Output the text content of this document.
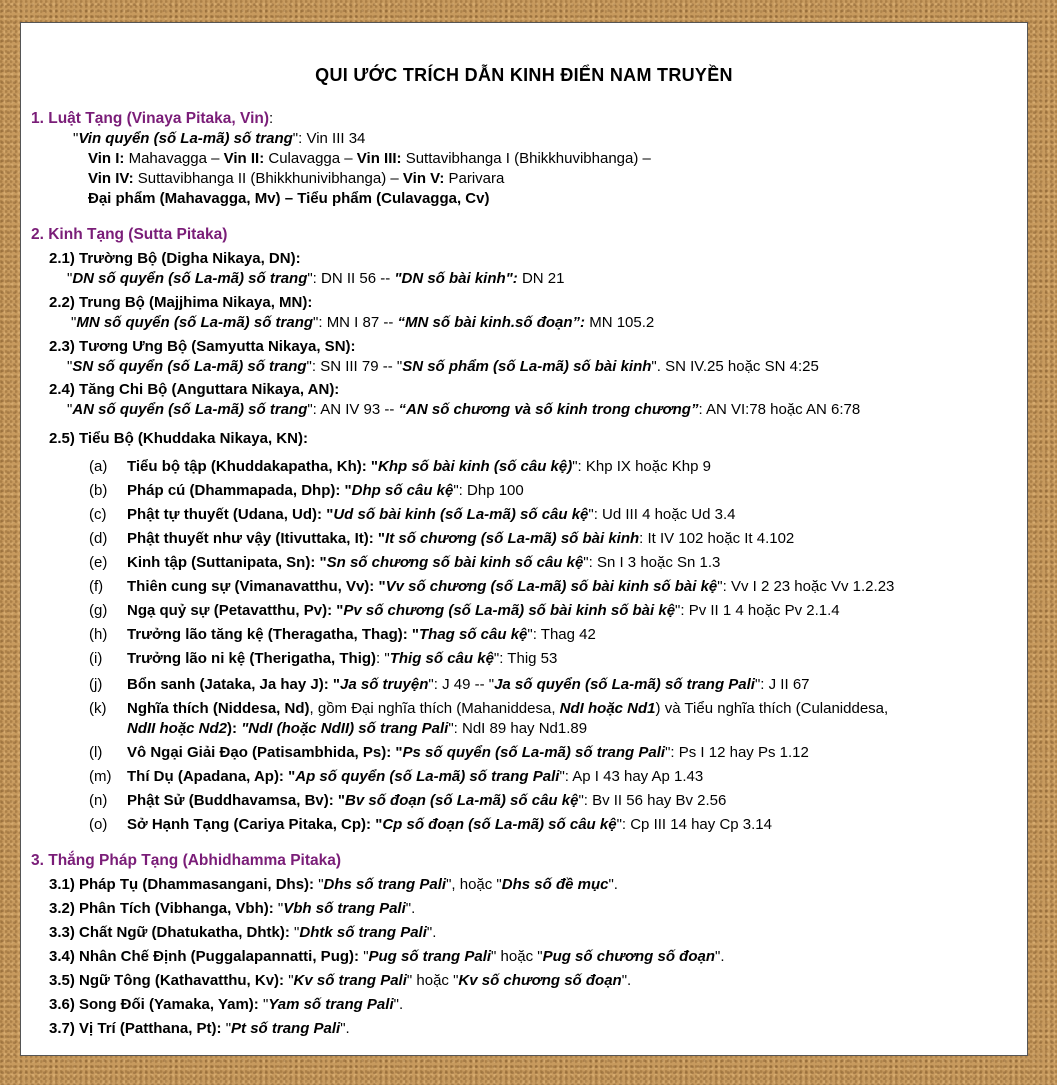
QUI ƯỚC TRÍCH DẪN KINH ĐIỂN NAM TRUYỀN
1. Luật Tạng (Vinaya Pitaka, Vin):
"Vin quyển (số La-mã) số trang": Vin III 34
Vin I: Mahavagga – Vin II: Culavagga – Vin III: Suttavibhanga I (Bhikkhuvibhanga) –
Vin IV: Suttavibhanga II (Bhikkhunivibhanga) – Vin V: Parivara
Đại phẩm (Mahavagga, Mv) – Tiểu phẩm (Culavagga, Cv)
2. Kinh Tạng (Sutta Pitaka)
2.1) Trường Bộ (Digha Nikaya, DN):
"DN số quyển (số La-mã) số trang": DN II 56 -- "DN số bài kinh": DN 21
2.2) Trung Bộ (Majjhima Nikaya, MN):
"MN số quyển (số La-mã) số trang": MN I 87 -- “MN số bài kinh.số đoạn”: MN 105.2
2.3) Tương Ưng Bộ (Samyutta Nikaya, SN):
"SN số quyển (số La-mã) số trang": SN III 79 -- "SN số phẩm (số La-mã) số bài kinh". SN IV.25 hoặc SN 4:25
2.4) Tăng Chi Bộ (Anguttara Nikaya, AN):
"AN số quyển (số La-mã) số trang": AN IV 93 -- “AN số chương và số kinh trong chương”: AN VI:78 hoặc AN 6:78
2.5) Tiểu Bộ (Khuddaka Nikaya, KN):
(a) Tiểu bộ tập (Khuddakapatha, Kh): "Khp số bài kinh (số câu kệ)": Khp IX hoặc Khp 9
(b) Pháp cú (Dhammapada, Dhp): "Dhp số câu kệ": Dhp 100
(c) Phật tự thuyết (Udana, Ud): "Ud số bài kinh (số La-mã) số câu kệ": Ud III 4 hoặc Ud 3.4
(d) Phật thuyết như vậy (Itivuttaka, It): "It số chương (số La-mã) số bài kinh: It IV 102 hoặc It 4.102
(e) Kinh tập (Suttanipata, Sn): "Sn số chương số bài kinh số câu kệ": Sn I 3 hoặc Sn 1.3
(f) Thiên cung sự (Vimanavatthu, Vv): "Vv số chương (số La-mã) số bài kinh số bài kệ": Vv I 2 23 hoặc Vv 1.2.23
(g) Ngạ quỷ sự (Petavatthu, Pv): "Pv số chương (số La-mã) số bài kinh số bài kệ": Pv II 1 4 hoặc Pv 2.1.4
(h) Trưởng lão tăng kệ (Theragatha, Thag): "Thag số câu kệ": Thag 42
(i) Trưởng lão ni kệ (Therigatha, Thig): "Thig số câu kệ": Thig 53
(j) Bổn sanh (Jataka, Ja hay J): "Ja số truyện": J 49 -- "Ja số quyển (số La-mã) số trang Pali": J II 67
(k) Nghĩa thích (Niddesa, Nd), gồm Đại nghĩa thích (Mahaniddesa, NdI hoặc Nd1) và Tiểu nghĩa thích (Culaniddesa,
NdII hoặc Nd2): "NdI (hoặc NdII) số trang Pali": NdI 89 hay Nd1.89
(l) Vô Ngại Giải Đạo (Patisambhida, Ps): "Ps số quyển (số La-mã) số trang Pali": Ps I 12 hay Ps 1.12
(m) Thí Dụ (Apadana, Ap): "Ap số quyển (số La-mã) số trang Pali": Ap I 43 hay Ap 1.43
(n) Phật Sử (Buddhavamsa, Bv): "Bv số đoạn (số La-mã) số câu kệ": Bv II 56 hay Bv 2.56
(o) Sở Hạnh Tạng (Cariya Pitaka, Cp): "Cp số đoạn (số La-mã) số câu kệ": Cp III 14 hay Cp 3.14
3. Thắng Pháp Tạng (Abhidhamma Pitaka)
3.1) Pháp Tụ (Dhammasangani, Dhs): "Dhs số trang Pali", hoặc "Dhs số đề mục".
3.2) Phân Tích (Vibhanga, Vbh): "Vbh số trang Pali".
3.3) Chất Ngữ (Dhatukatha, Dhtk): "Dhtk số trang Pali".
3.4) Nhân Chế Định (Puggalapannatti, Pug): "Pug số trang Pali" hoặc "Pug số chương số đoạn".
3.5) Ngữ Tông (Kathavatthu, Kv): "Kv số trang Pali" hoặc "Kv số chương số đoạn".
3.6) Song Đối (Yamaka, Yam): "Yam số trang Pali".
3.7) Vị Trí (Patthana, Pt): "Pt số trang Pali".
